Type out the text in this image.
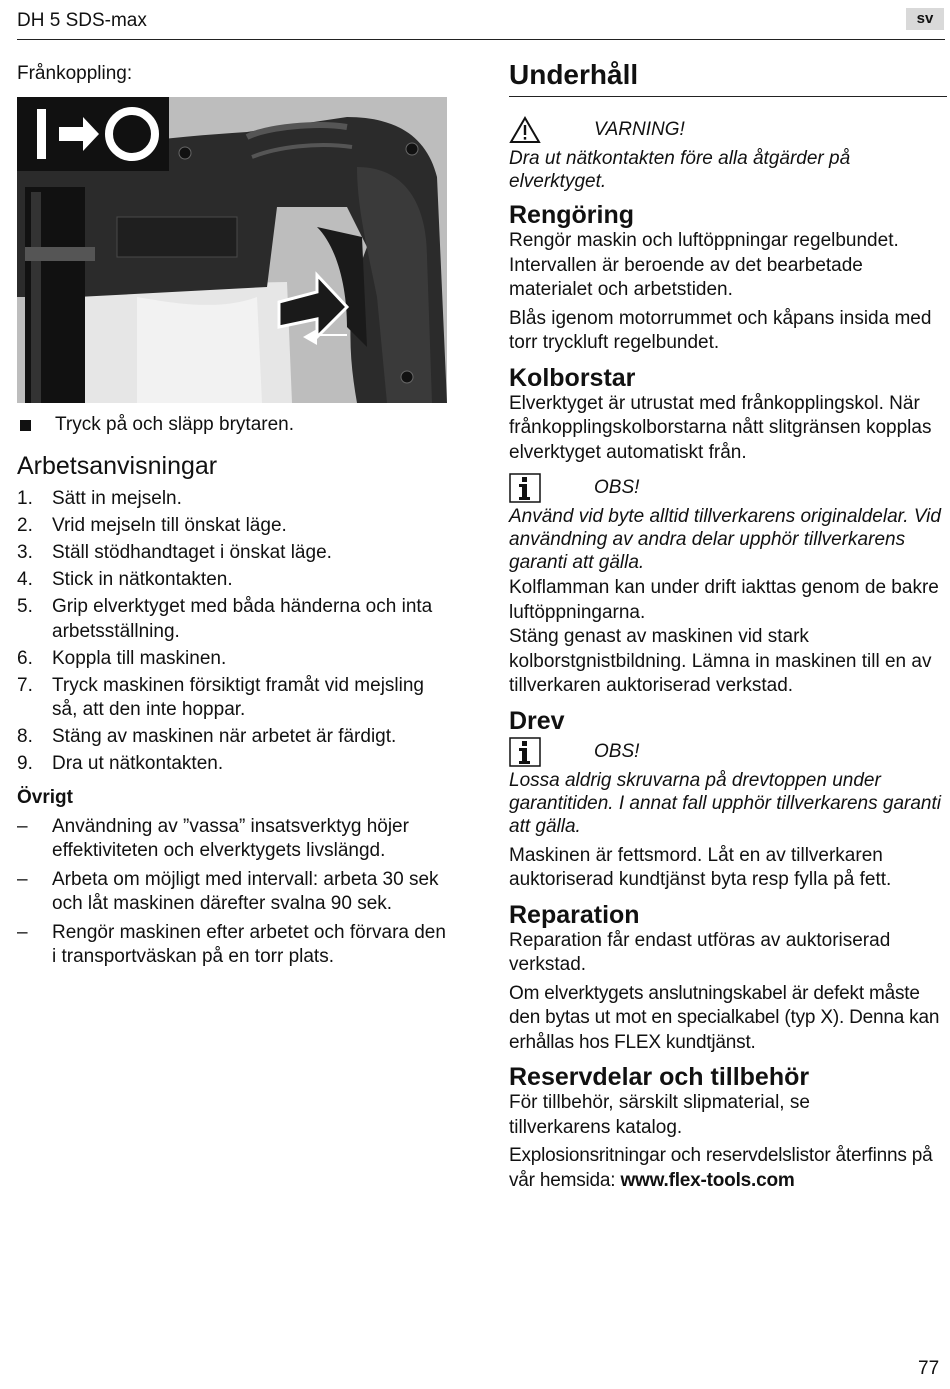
DH 5 SDS-max	sv

Frånkoppling:

Tryck på och släpp brytaren.
Arbetsanvisningar
1.	Sätt in mejseln.
2.	Vrid mejseln till önskat läge.
3.	Ställ stödhandtaget i önskat läge.
4.	Stick in nätkontakten.
5.	Grip elverktyget med båda händerna och inta arbetsställning.
6.	Koppla till maskinen.
7.	Tryck maskinen försiktigt framåt vid mejsling så, att den inte hoppar.
8.	Stäng av maskinen när arbetet är färdigt.
9.	Dra ut nätkontakten.
Övrigt
–	Användning av ”vassa” insatsverktyg höjer effektiviteten och elverktygets livslängd.
–	Arbeta om möjligt med intervall: arbeta 30 sek och låt maskinen därefter svalna 90 sek.
–	Rengör maskinen efter arbetet och förvara den i transportväskan på en torr plats.
Underhåll
VARNING!

Dra ut nätkontakten före alla åtgärder på elverktyget.

Rengöring

Rengör maskin och luftöppningar regelbundet. Intervallen är beroende av det bearbetade materialet och arbetstiden.

Blås igenom motorrummet och kåpans insida med torr tryckluft regelbundet.

Kolborstar

Elverktyget är utrustat med frånkopplingskol. När frånkopplingskolborstarna nått slitgränsen kopplas elverktyget automatiskt från.

OBS!

Använd vid byte alltid tillverkarens originaldelar. Vid användning av andra delar upphör tillverkarens garanti att gälla.

Kolflamman kan under drift iakttas genom de bakre luftöppningarna.

Stäng genast av maskinen vid stark kolborstgnistbildning. Lämna in maskinen till en av tillverkaren auktoriserad verkstad.

Drev
OBS!

Lossa aldrig skruvarna på drevtoppen under garantitiden. I annat fall upphör tillverkarens garanti att gälla.

Maskinen är fettsmord. Låt en av tillverkaren auktoriserad kundtjänst byta resp fylla på fett.

Reparation

Reparation får endast utföras av auktoriserad verkstad.

Om elverktygets anslutningskabel är defekt måste den bytas ut mot en specialkabel (typ X). Denna kan erhållas hos FLEX kundtjänst.

Reservdelar och tillbehör

För tillbehör, särskilt slipmaterial, se tillverkarens katalog.

Explosionsritningar och reservdelslistor återfinns på vår hemsida: www.flex-tools.com

77
